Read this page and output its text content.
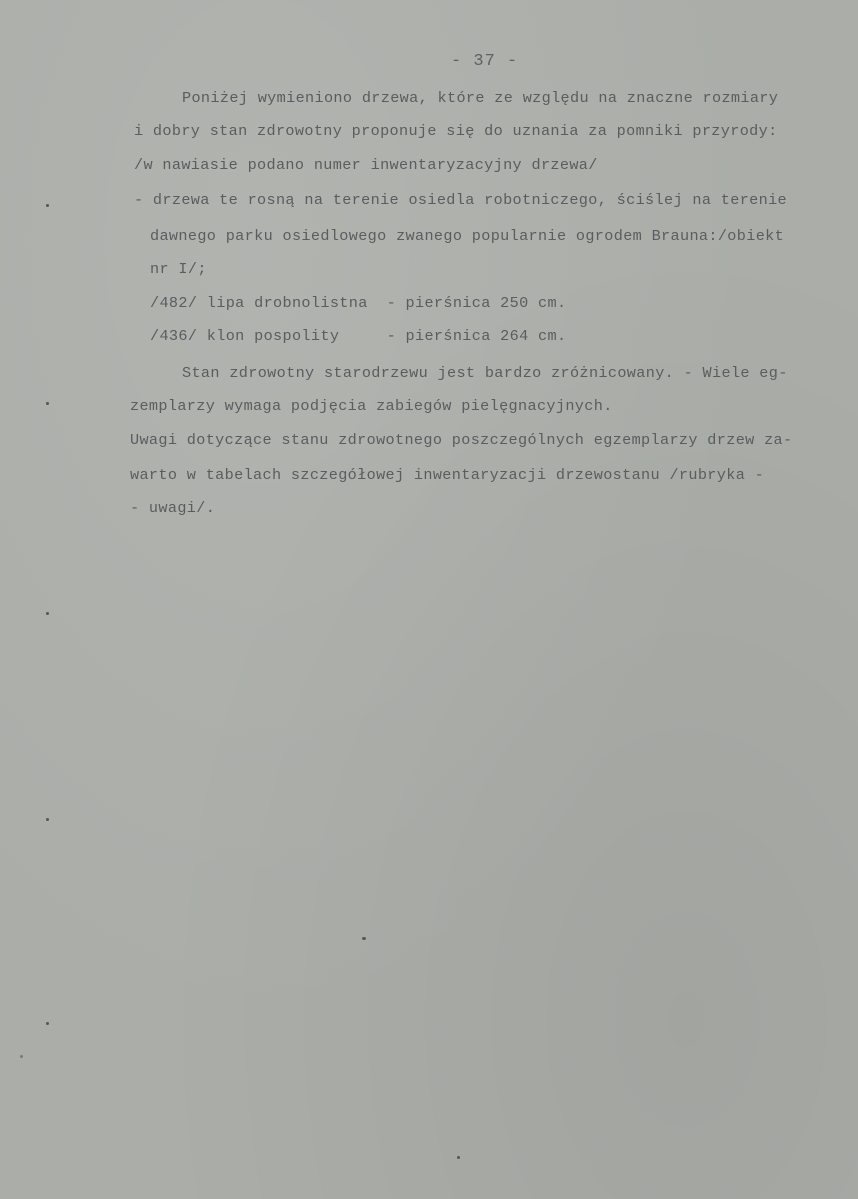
- 37 -
Poniżej wymieniono drzewa, które ze względu na znaczne rozmiary
i dobry stan zdrowotny proponuje się do uznania za pomniki przyrody:
/w nawiasie podano numer inwentaryzacyjny drzewa/
- drzewa te rosną na terenie osiedla robotniczego, ściślej na terenie
dawnego parku osiedlowego zwanego popularnie ogrodem Brauna:/obiekt
nr I/;
/482/ lipa drobnolistna  - pierśnica 250 cm.
/436/ klon pospolity     - pierśnica 264 cm.
Stan zdrowotny starodrzewu jest bardzo zróżnicowany. - Wiele eg-
zemplarzy wymaga podjęcia zabiegów pielęgnacyjnych.
Uwagi dotyczące stanu zdrowotnego poszczególnych egzemplarzy drzew za-
warto w tabelach szczegółowej inwentaryzacji drzewostanu /rubryka -
- uwagi/.
